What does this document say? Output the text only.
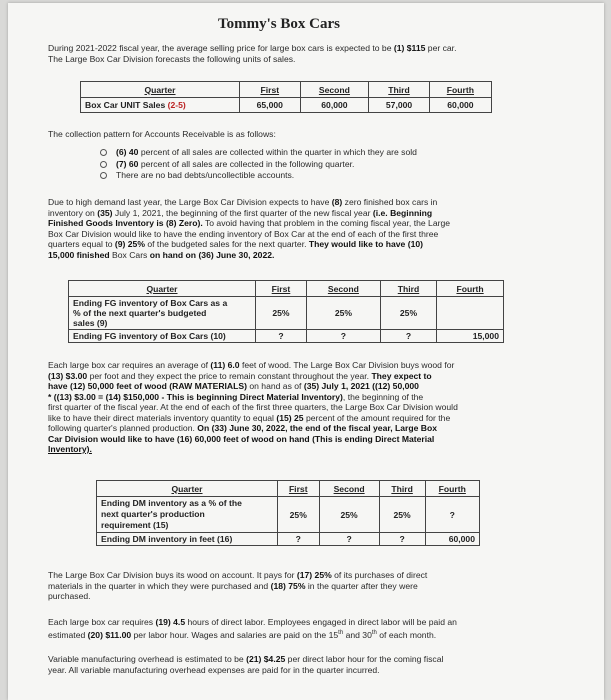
Tommy's Box Cars
During 2021-2022 fiscal year, the average selling price for large box cars is expected to be (1) $115 per car.
The Large Box Car Division forecasts the following units of sales.
Quarter	First	Second	Third	Fourth
Box Car UNIT Sales (2-5)	65,000	60,000	57,000	60,000
The collection pattern for Accounts Receivable is as follows:
(6) 40 percent of all sales are collected within the quarter in which they are sold
(7) 60 percent of all sales are collected in the following quarter.
There are no bad debts/uncollectible accounts.
Due to high demand last year, the Large Box Car Division expects to have (8) zero finished box cars in
inventory on (35) July 1, 2021, the beginning of the first quarter of the new fiscal year (i.e. Beginning
Finished Goods Inventory is (8) Zero). To avoid having that problem in the coming fiscal year, the Large
Box Car Division would like to have the ending inventory of Box Car at the end of each of the first three
quarters equal to (9) 25% of the budgeted sales for the next quarter. They would like to have (10)
15,000 finished Box Cars on hand on (36) June 30, 2022.
Quarter	First	Second	Third	Fourth

Ending FG inventory of Box Cars as a
% of the next quarter's budgeted
sales (9)	25%	25%	25%	
Ending FG inventory of Box Cars (10)	?	?	?	15,000
Each large box car requires an average of (11) 6.0 feet of wood. The Large Box Car Division buys wood for
(13) $3.00 per foot and they expect the price to remain constant throughout the year. They expect to
have (12) 50,000 feet of wood (RAW MATERIALS) on hand as of (35) July 1, 2021 ((12) 50,000
* ((13) $3.00 = (14) $150,000 - This is beginning Direct Material Inventory), the beginning of the
first quarter of the fiscal year. At the end of each of the first three quarters, the Large Box Car Division would
like to have their direct materials inventory quantity to equal (15) 25 percent of the amount required for the
following quarter's planned production. On (33) June 30, 2022, the end of the fiscal year, Large Box
Car Division would like to have (16) 60,000 feet of wood on hand (This is ending Direct Material
Inventory).
Quarter	First	Second	Third	Fourth

Ending DM inventory as a % of the
next quarter's production
requirement (15)	25%	25%	25%	?
Ending DM inventory in feet (16)	?	?	?	60,000
The Large Box Car Division buys its wood on account. It pays for (17) 25% of its purchases of direct
materials in the quarter in which they were purchased and (18) 75% in the quarter after they were
purchased.
Each large box car requires (19) 4.5 hours of direct labor. Employees engaged in direct labor will be paid an
estimated (20) $11.00 per labor hour. Wages and salaries are paid on the 15th and 30th of each month.
Variable manufacturing overhead is estimated to be (21) $4.25 per direct labor hour for the coming fiscal
year. All variable manufacturing overhead expenses are paid for in the quarter incurred.
